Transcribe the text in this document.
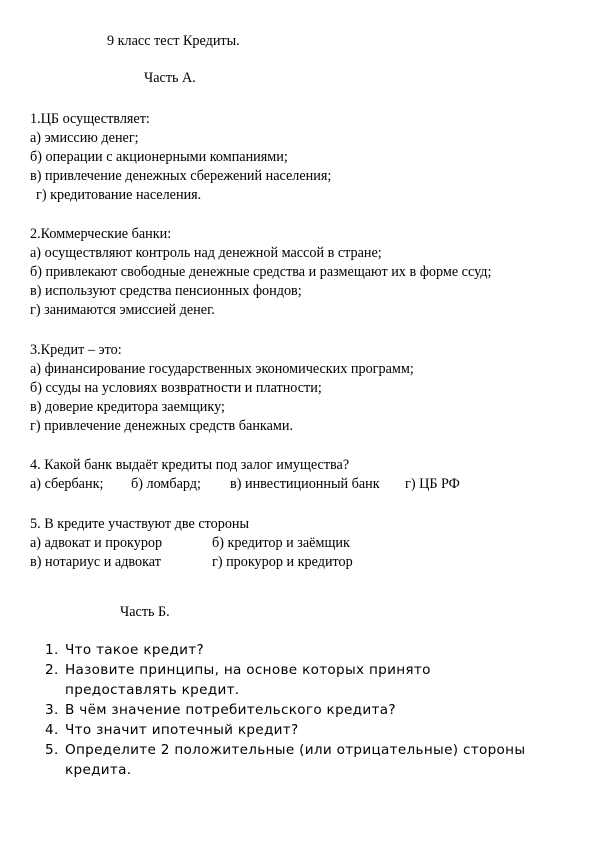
9 класс тест Кредиты.
Часть А.
1.ЦБ осуществляет:
а) эмиссию денег;
б) операции с акционерными компаниями;
в) привлечение денежных сбережений населения;
г) кредитование населения.
2.Коммерческие банки:
а) осуществляют контроль над денежной массой в стране;
б) привлекают свободные денежные средства и размещают их в форме ссуд;
в) используют средства пенсионных фондов;
г) занимаются эмиссией денег.
3.Кредит – это:
а) финансирование государственных экономических программ;
б) ссуды на условиях возвратности и платности;
в) доверие кредитора заемщику;
г) привлечение денежных средств банками.
4. Какой банк выдаёт кредиты под залог имущества?
а) сбербанк; б) ломбард; в) инвестиционный банк г) ЦБ РФ
5. В кредите участвуют две стороны
а) адвокат и прокурор	б) кредитор и заёмщик
в) нотариус и адвокат	г) прокурор и кредитор
Часть Б.
1. Что такое кредит?
2. Назовите принципы, на основе которых принято предоставлять кредит.
3. В чём значение потребительского кредита?
4. Что значит ипотечный кредит?
5. Определите 2 положительные (или отрицательные) стороны кредита.
